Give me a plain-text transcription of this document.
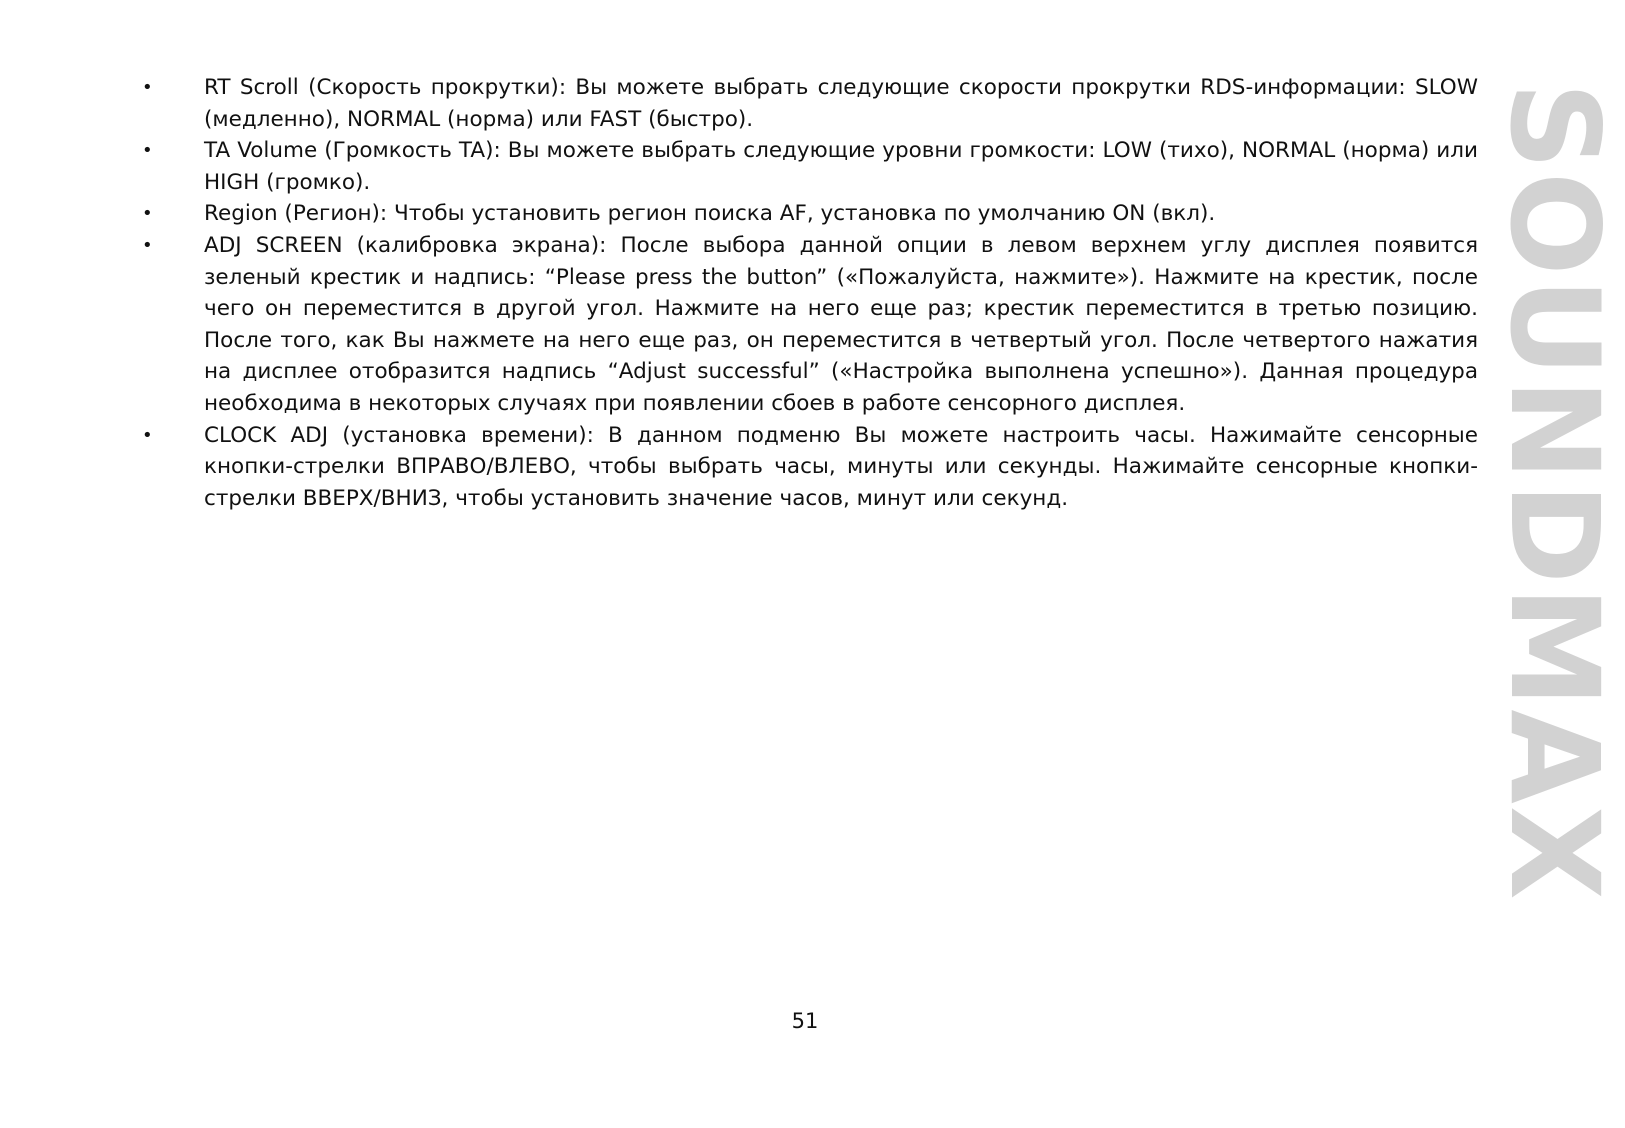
•	RT Scroll (Скорость прокрутки): Вы можете выбрать следующие скорости прокрутки RDS-информации: SLOW (медленно), NORMAL (норма) или FAST (быстро).
•	TA Volume (Громкость TA): Вы можете выбрать следующие уровни громкости: LOW (тихо), NORMAL (норма) или HIGH (громко).
•	Region (Регион): Чтобы установить регион поиска AF, установка по умолчанию ON (вкл).
•	ADJ SCREEN (калибровка экрана): После выбора данной опции в левом верхнем углу дисплея появится зеленый крестик и надпись: “Please press the button” («Пожалуйста, нажмите»). Нажмите на крестик, после чего он переместится в другой угол. Нажмите на него еще раз; крестик переместится в третью позицию. После того, как Вы нажмете на него еще раз, он переместится в четвертый угол. После четвертого нажатия на дисплее отобразится надпись “Adjust successful” («Настройка выполнена успешно»). Данная процедура необходима в некоторых случаях при появлении сбоев в работе сенсорного дисплея.
•	CLOCK ADJ (установка времени): В данном подменю Вы можете настроить часы. Нажимайте сенсорные кнопки-стрелки ВПРАВО/ВЛЕВО, чтобы выбрать часы, минуты или секунды. Нажимайте сенсорные кнопки-стрелки ВВЕРХ/ВНИЗ, чтобы установить значение часов, минут или секунд.	SOUNDMAX
51
